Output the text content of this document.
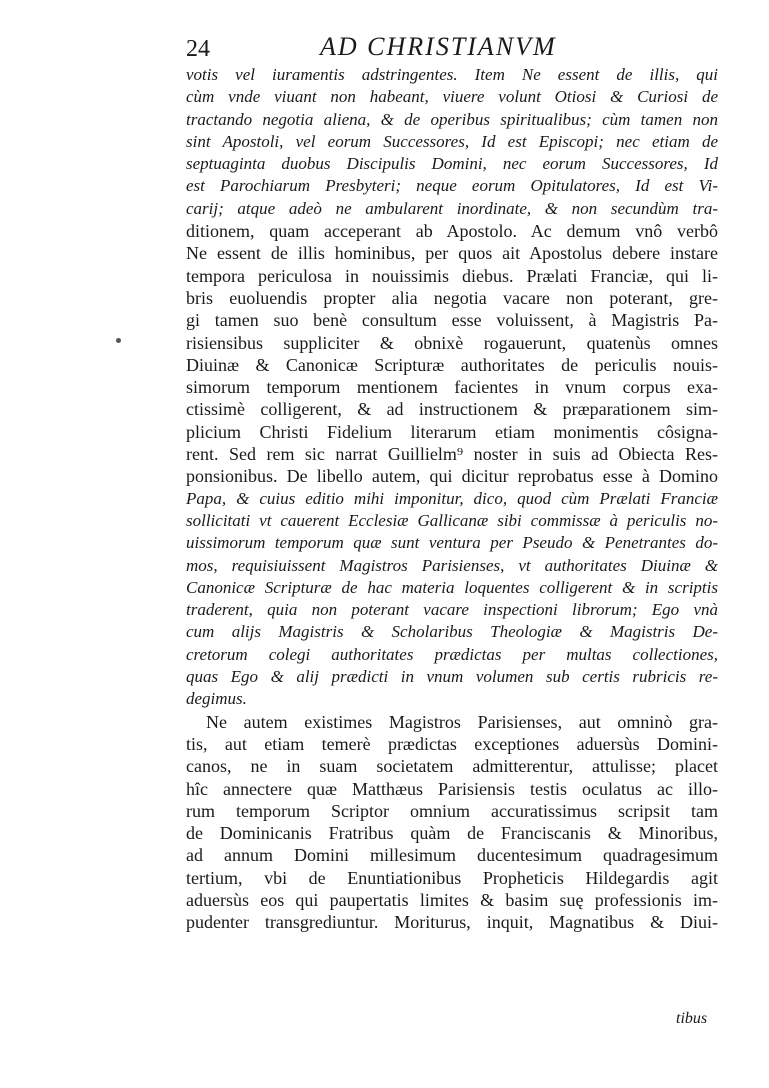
24	AD CHRISTIANVM
votis vel iuramentis adstringentes. Item Ne essent de illis, qui
cùm vnde viuant non habeant, viuere volunt Otiosi & Curiosi de
tractando negotia aliena, & de operibus spiritualibus; cùm tamen non
sint Apostoli, vel eorum Successores, Id est Episcopi; nec etiam de
septuaginta duobus Discipulis Domini, nec eorum Successores, Id
est Parochiarum Presbyteri; neque eorum Opitulatores, Id est Vi-
carij; atque adeò ne ambularent inordinate, & non secundùm tra-
ditionem, quam acceperant ab Apostolo. Ac demum vnô verbô
Ne essent de illis hominibus, per quos ait Apostolus debere instare
tempora periculosa in nouissimis diebus. Prælati Franciæ, qui li-
bris euoluendis propter alia negotia vacare non poterant, gre-
gi tamen suo benè consultum esse voluissent, à Magistris Pa-
risiensibus suppliciter & obnixè rogauerunt, quatenùs omnes
Diuinæ & Canonicæ Scripturæ authoritates de periculis nouis-
simorum temporum mentionem facientes in vnum corpus exa-
ctissimè colligerent, & ad instructionem & præparationem sim-
plicium Christi Fidelium literarum etiam monimentis côsigna-
rent. Sed rem sic narrat Guillielm⁹ noster in suis ad Obiecta Res-
ponsionibus. De libello autem, qui dicitur reprobatus esse à Domino
Papa, & cuius editio mihi imponitur, dico, quod cùm Prælati Franciæ
sollicitati vt cauerent Ecclesiæ Gallicanæ sibi commissæ à periculis no-
uissimorum temporum quæ sunt ventura per Pseudo & Penetrantes do-
mos, requisiuissent Magistros Parisienses, vt authoritates Diuinæ &
Canonicæ Scripturæ de hac materia loquentes colligerent & in scriptis
traderent, quia non poterant vacare inspectioni librorum; Ego vnà
cum alijs Magistris & Scholaribus Theologiæ & Magistris De-
cretorum colegi authoritates prædictas per multas collectiones,
quas Ego & alij prædicti in vnum volumen sub certis rubricis re-
degimus.
Ne autem existimes Magistros Parisienses, aut omninò gra-
tis, aut etiam temerè prædictas exceptiones aduersùs Domini-
canos, ne in suam societatem admitterentur, attulisse; placet
hîc annectere quæ Matthæus Parisiensis testis oculatus ac illo-
rum temporum Scriptor omnium accuratissimus scripsit tam
de Dominicanis Fratribus quàm de Franciscanis & Minoribus,
ad annum Domini millesimum ducentesimum quadragesimum
tertium, vbi de Enuntiationibus Propheticis Hildegardis agit
aduersùs eos qui paupertatis limites & basim suę professionis im-
pudenter transgrediuntur. Moriturus, inquit, Magnatibus & Diui-
tibus
